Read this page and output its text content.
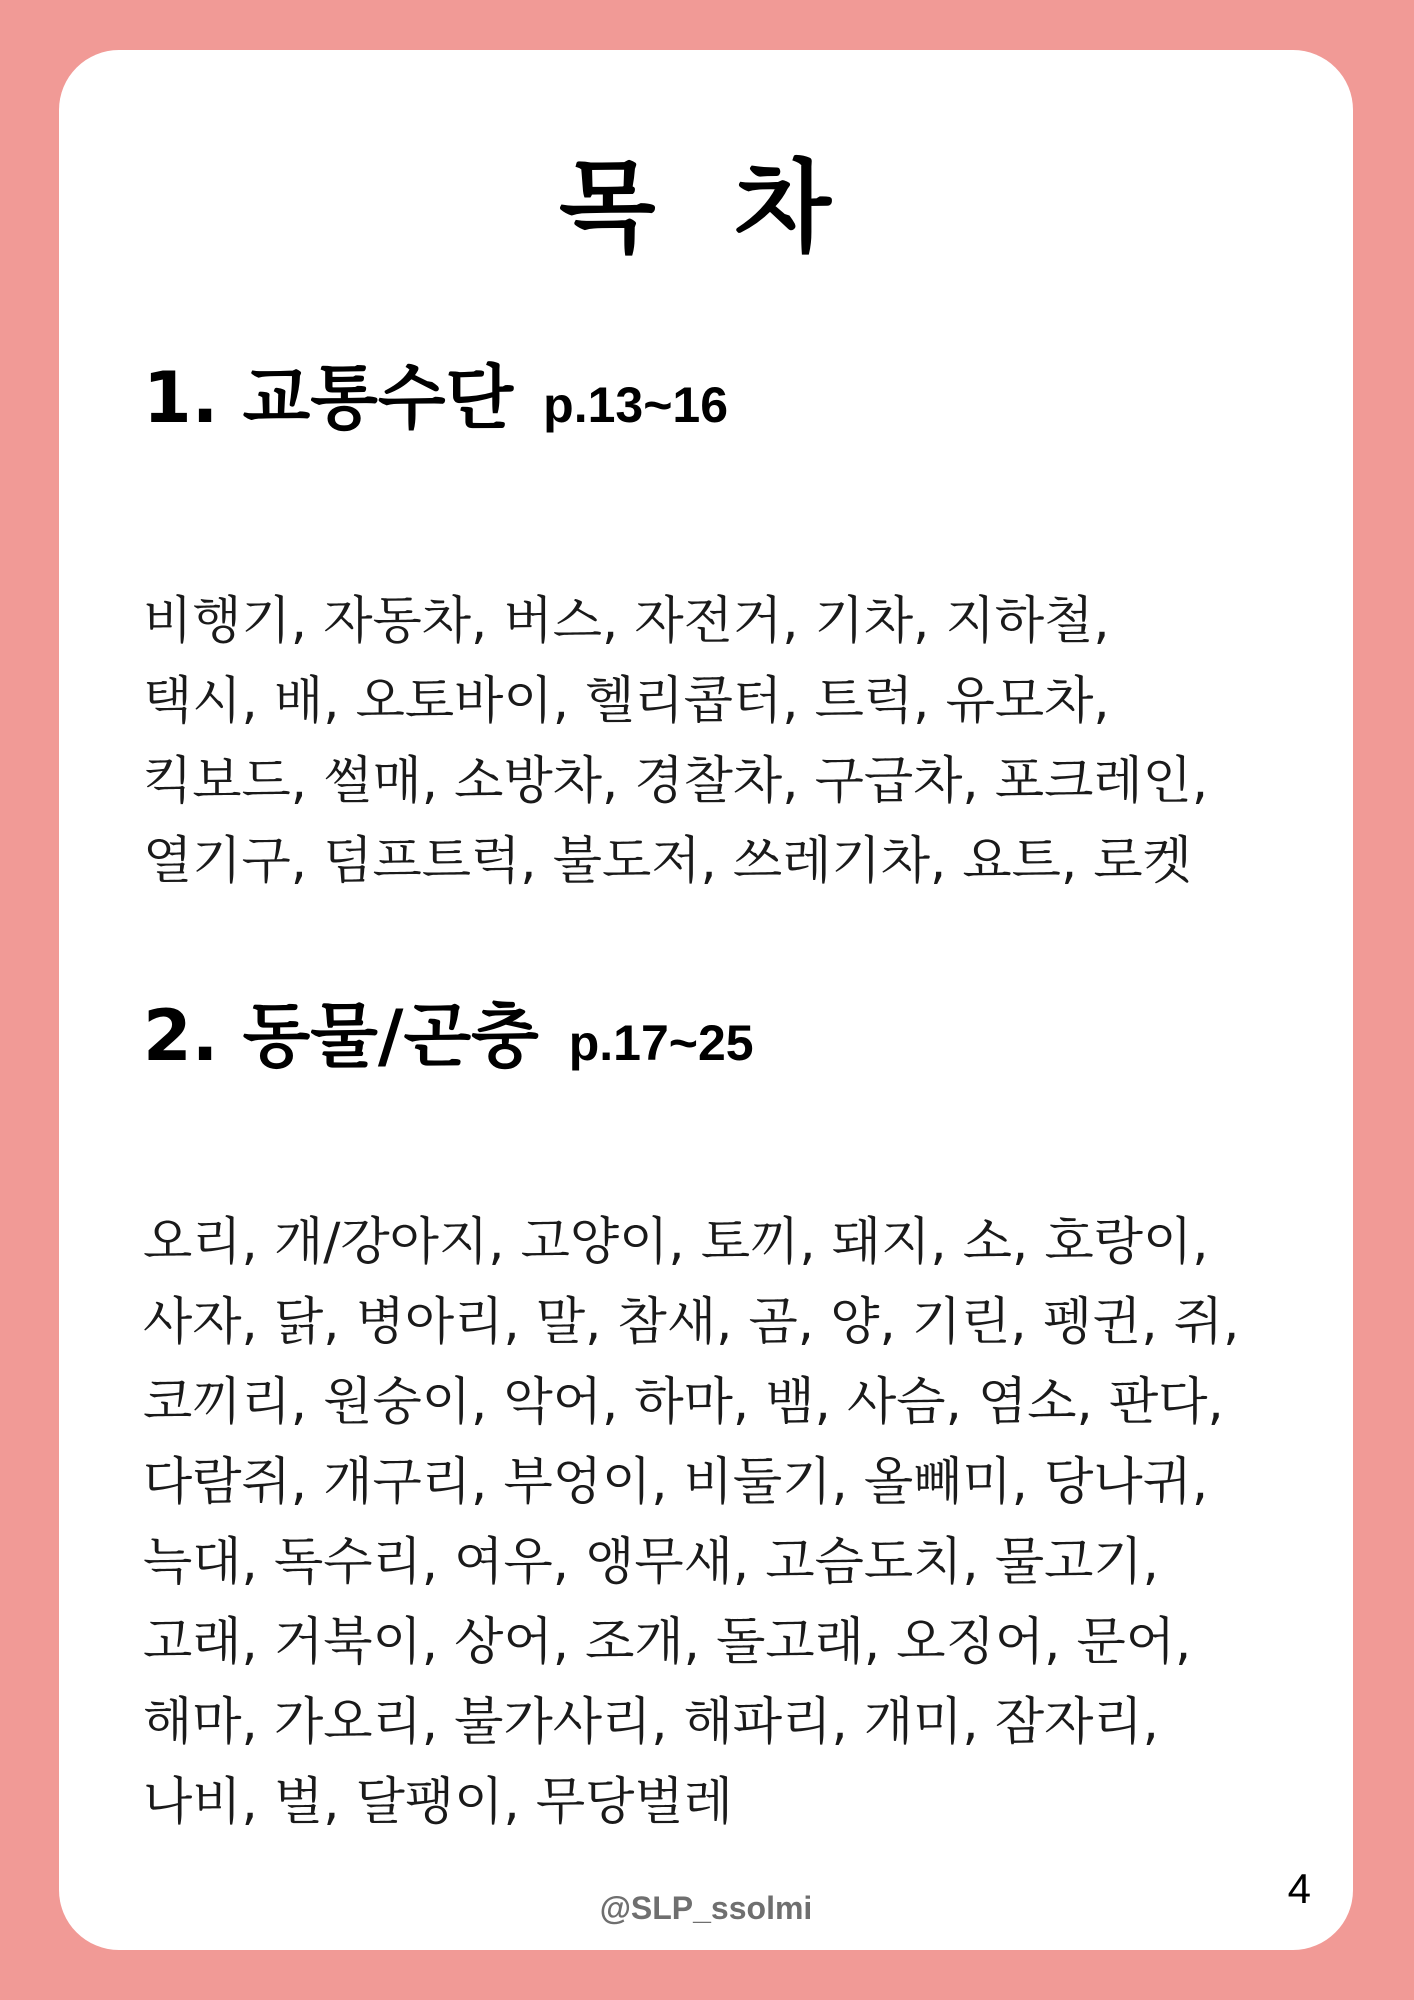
목 차
1. 교통수단 p.13~16
비행기, 자동차, 버스, 자전거, 기차, 지하철,
택시, 배, 오토바이, 헬리콥터, 트럭, 유모차,
킥보드, 썰매, 소방차, 경찰차, 구급차, 포크레인,
열기구, 덤프트럭, 불도저, 쓰레기차, 요트, 로켓
2. 동물/곤충 p.17~25
오리, 개/강아지, 고양이, 토끼, 돼지, 소, 호랑이,
사자, 닭, 병아리, 말, 참새, 곰, 양, 기린, 펭귄, 쥐,
코끼리, 원숭이, 악어, 하마, 뱀, 사슴, 염소, 판다,
다람쥐, 개구리, 부엉이, 비둘기, 올빼미, 당나귀,
늑대, 독수리, 여우, 앵무새, 고슴도치, 물고기,
고래, 거북이, 상어, 조개, 돌고래, 오징어, 문어,
해마, 가오리, 불가사리, 해파리, 개미, 잠자리,
나비, 벌, 달팽이, 무당벌레
4
@SLP_ssolmi
